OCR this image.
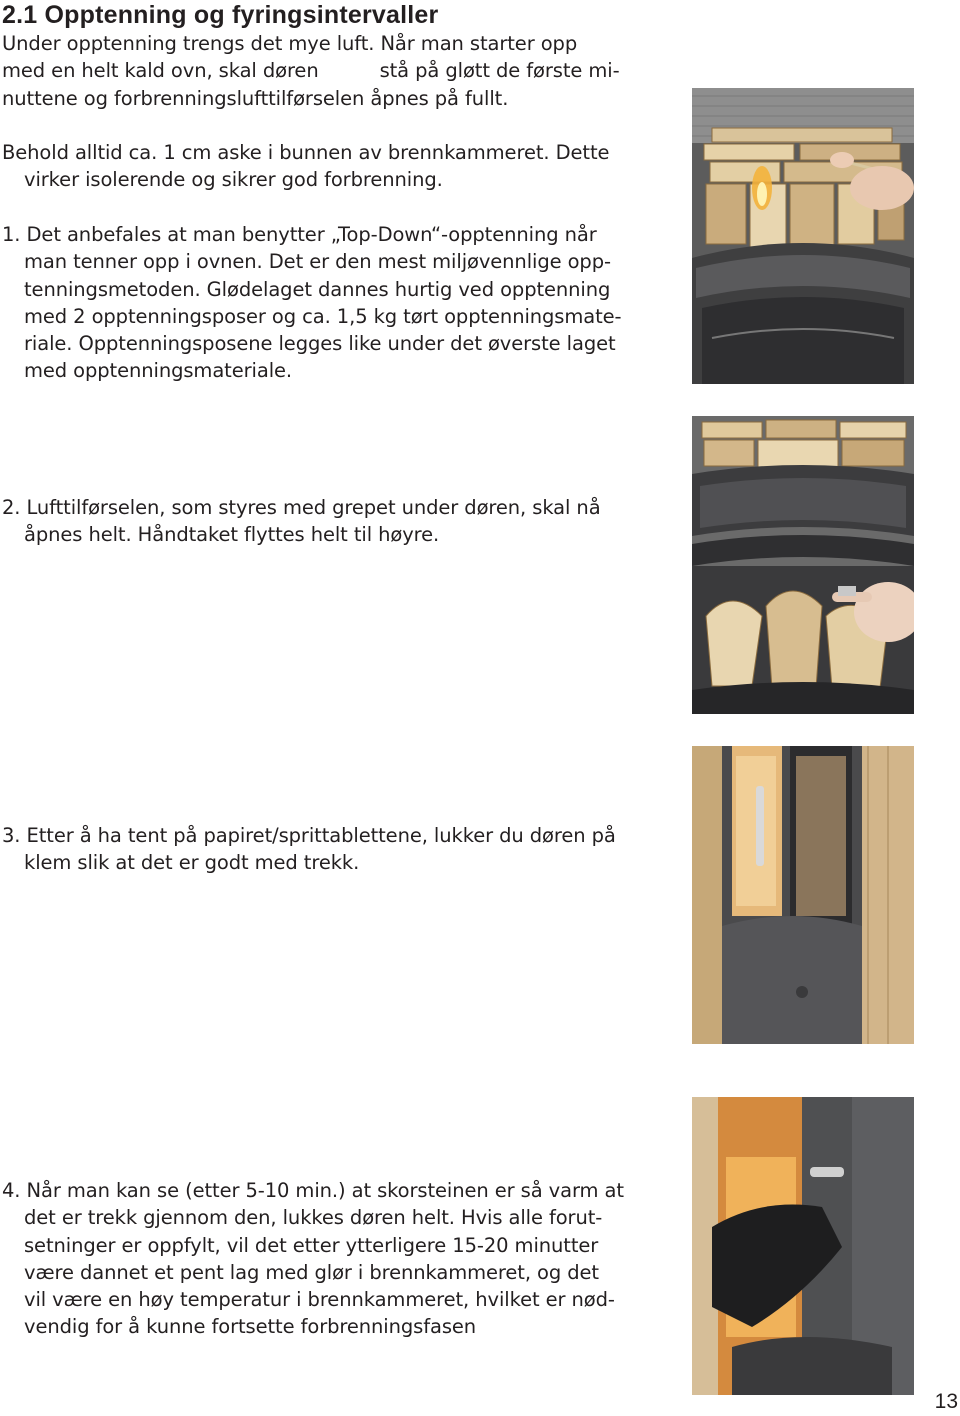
2.1 Opptenning og fyringsintervaller

Under opptenning trengs det mye luft. Når man starter opp
med en helt kald ovn, skal døren          stå på gløtt de første mi-
nuttene og forbrenningslufttilførselen åpnes på fullt.

Behold alltid ca. 1 cm aske i bunnen av brennkammeret. Dette
virker isolerende og sikrer god forbrenning.

1. Det anbefales at man benytter „Top-Down“-opptenning når
man tenner opp i ovnen. Det er den mest miljøvennlige opp-
tenningsmetoden. Glødelaget dannes hurtig ved opptenning
med 2 opptenningsposer og ca. 1,5 kg tørt opptenningsmate-
riale. Opptenningsposene legges like under det øverste laget
med opptenningsmateriale.

2. Lufttilførselen, som styres med grepet under døren, skal nå
åpnes helt. Håndtaket flyttes helt til høyre.

3. Etter å ha tent på papiret/sprittablettene, lukker du døren på
klem slik at det er godt med trekk.

4. Når man kan se (etter 5-10 min.) at skorsteinen er så varm at
det er trekk gjennom den, lukkes døren helt. Hvis alle forut-
setninger er oppfylt, vil det etter ytterligere 15-20 minutter
være dannet et pent lag med glør i brennkammeret, og det
vil være en høy temperatur i brennkammeret, hvilket er nød-
vendig for å kunne fortsette forbrenningsfasen

13
